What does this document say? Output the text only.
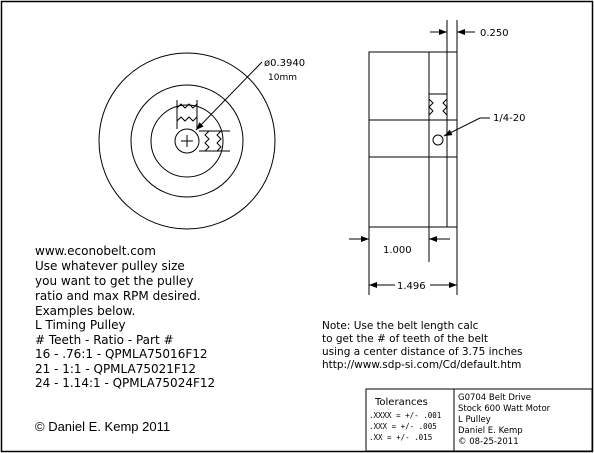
ø0.3940
10mm
0.250
1/4-20
1.000
1.496
www.econobelt.com
Use whatever pulley size
you want to get the pulley
ratio and max RPM desired.
Examples below.
L Timing Pulley
# Teeth - Ratio - Part #
16 - .76:1 - QPMLA75016F12
21 - 1:1 - QPMLA75021F12
24 - 1.14:1 - QPMLA75024F12
Note: Use the belt length calc
to get the # of teeth of the belt
using a center distance of 3.75 inches
http://www.sdp-si.com/Cd/default.htm
© Daniel E. Kemp 2011
Tolerances
.XXXX = +/- .001
.XXX = +/- .005
.XX = +/- .015
G0704 Belt Drive
Stock 600 Watt Motor
L Pulley
Daniel E. Kemp
© 08-25-2011
